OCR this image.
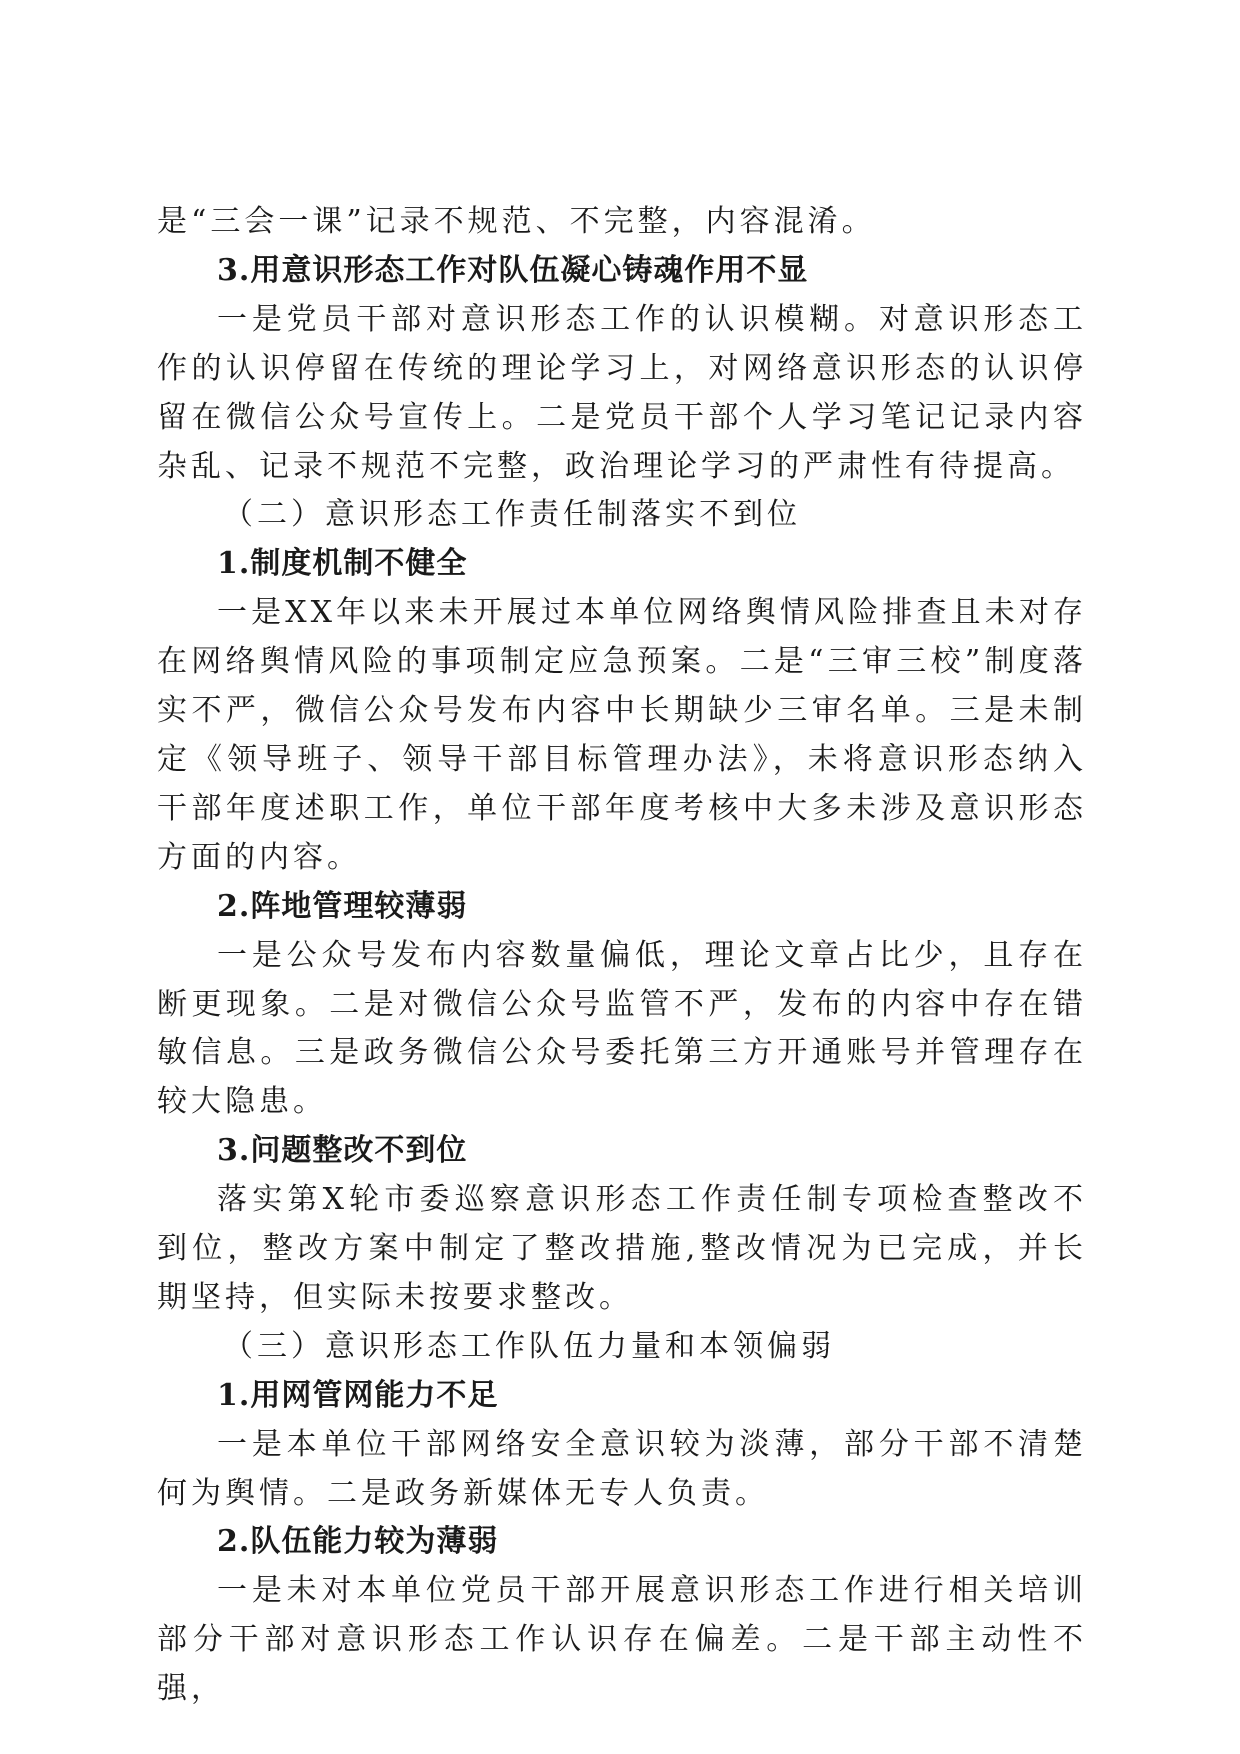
是“三会一课”记录不规范、不完整，内容混淆。

3.用意识形态工作对队伍凝心铸魂作用不显

一是党员干部对意识形态工作的认识模糊。对意识形态工作的认识停留在传统的理论学习上，对网络意识形态的认识停留在微信公众号宣传上。二是党员干部个人学习笔记记录内容杂乱、记录不规范不完整，政治理论学习的严肃性有待提高。

（二）意识形态工作责任制落实不到位

1.制度机制不健全

一是XX年以来未开展过本单位网络舆情风险排查且未对存在网络舆情风险的事项制定应急预案。二是“三审三校”制度落实不严，微信公众号发布内容中长期缺少三审名单。三是未制定《领导班子、领导干部目标管理办法》，未将意识形态纳入干部年度述职工作，单位干部年度考核中大多未涉及意识形态方面的内容。

2.阵地管理较薄弱

一是公众号发布内容数量偏低，理论文章占比少，且存在断更现象。二是对微信公众号监管不严，发布的内容中存在错敏信息。三是政务微信公众号委托第三方开通账号并管理存在较大隐患。

3.问题整改不到位

落实第X轮市委巡察意识形态工作责任制专项检查整改不到位，整改方案中制定了整改措施,整改情况为已完成，并长期坚持，但实际未按要求整改。

（三）意识形态工作队伍力量和本领偏弱

1.用网管网能力不足

一是本单位干部网络安全意识较为淡薄，部分干部不清楚何为舆情。二是政务新媒体无专人负责。

2.队伍能力较为薄弱

一是未对本单位党员干部开展意识形态工作进行相关培训部分干部对意识形态工作认识存在偏差。二是干部主动性不强，
